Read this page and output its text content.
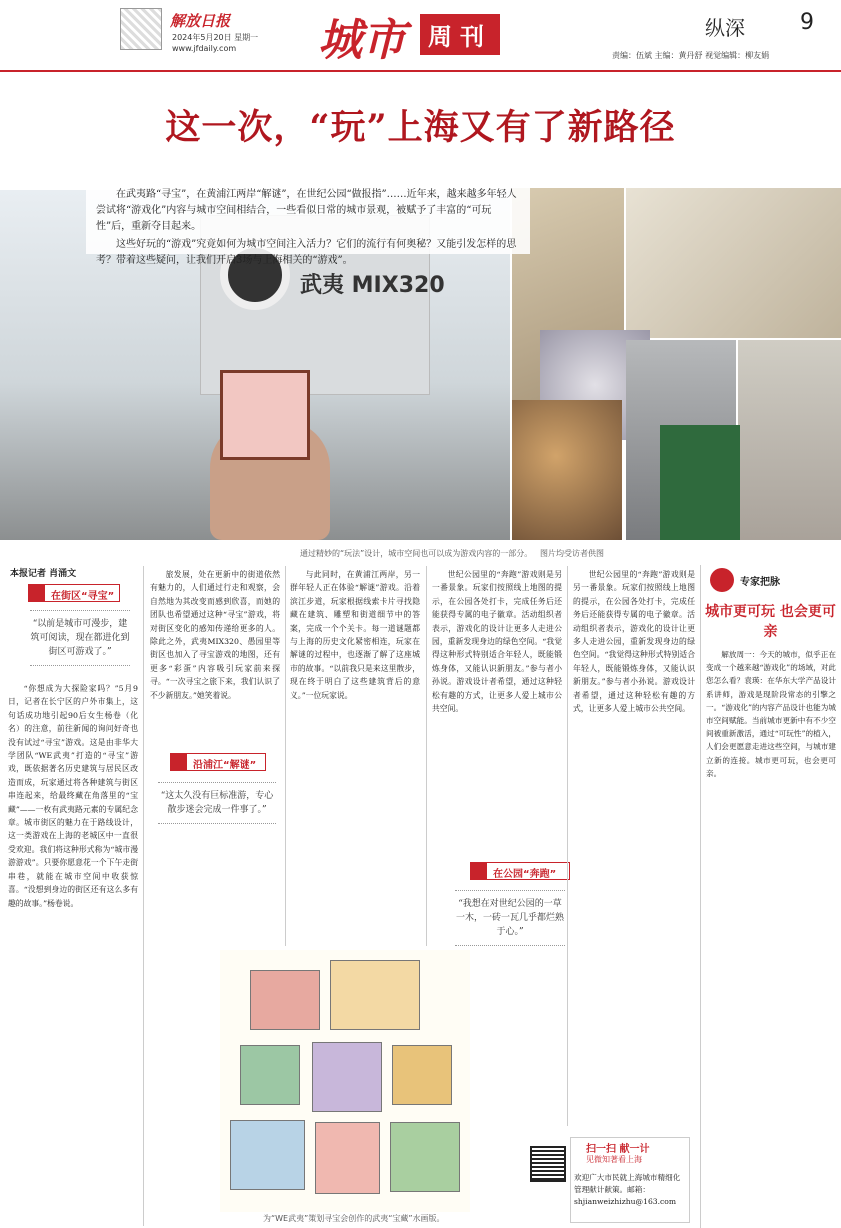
解放日报
2024年5月20日 星期一
www.jfdaily.com 城市 周刊	纵深	9
责编：伍斌 主编：黄丹舒 视觉编辑：柳友娟
这一次，“玩”上海又有了新路径
武夷 MIX320

在武夷路“寻宝”，在黄浦江两岸“解谜”，在世纪公园“做报指”……近年来，越来越多年轻人尝试将“游戏化”内容与城市空间相结合，一些看似日常的城市景观，被赋予了丰富的“可玩性”后，重新夺目起来。

这些好玩的“游戏”究竟如何为城市空间注入活力？它们的流行有何奥秘？又能引发怎样的思考？带着这些疑问，让我们开启3场与上海相关的“游戏”。

通过精妙的“玩法”设计，城市空间也可以成为游戏内容的一部分。 图片均受访者供图
本报记者 肖涌文
在街区“寻宝”
“以前是城市可漫步，建筑可阅读，现在都进化到街区可游戏了。”

“你想成为大探险家吗？”5月9日，记者在长宁区的户外市集上，这句话成功地引起90后女生杨卷（化名）的注意，前往新闻的询问好奇也没有试过“寻宝”游戏。这是由非华大学团队“WE武夷”打造的“寻宝”游戏，既依据著名历史建筑与居民区改造而成，玩家通过将各种建筑与街区串连起来，给最终藏在角落里的“宝藏”——一枚有武夷路元素的专属纪念章。城市街区的魅力在于路线设计，这一类游戏在上海的老城区中一直很受欢迎。我们将这种形式称为“城市漫游游戏”。只要你愿意花一个下午走街串巷，就能在城市空间中收获惊喜。“没想到身边的街区还有这么多有趣的故事。”杨卷说。

旅发展，处在更新中的街道依然有魅力的，人们通过行走和观察，会自然地为其改变而感到欣喜，而她的团队也希望通过这种“寻宝”游戏，将对街区变化的感知传递给更多的人。除此之外，武夷MIX320、愚园里等街区也加入了寻宝游戏的地图，还有更多“彩蛋”内容吸引玩家前来探寻。“一次寻宝之旅下来，我们认识了不少新朋友。”她笑着说。

沿浦江“解谜”
“这太久没有巨标准游，专心散步迷会完成一件事了。”

与此同时，在黄浦江两岸，另一群年轻人正在体验“解谜”游戏。沿着滨江步道，玩家根据线索卡片寻找隐藏在建筑、雕塑和街道细节中的答案，完成一个个关卡。每一道谜题都与上海的历史文化紧密相连，玩家在解谜的过程中，也逐渐了解了这座城市的故事。“以前我只是来这里散步，现在终于明白了这些建筑背后的意义。”一位玩家说。

世纪公园里的“奔跑”游戏则是另一番景象。玩家们按照线上地图的提示，在公园各处打卡，完成任务后还能获得专属的电子徽章。活动组织者表示，游戏化的设计让更多人走进公园，重新发现身边的绿色空间。“我觉得这种形式特别适合年轻人，既能锻炼身体，又能认识新朋友。”参与者小孙说。游戏设计者希望，通过这种轻松有趣的方式，让更多人爱上城市公共空间。

在公园“奔跑”
“我想在对世纪公园的一草一木，一砖一瓦几乎都烂熟于心。”

世纪公园里的“奔跑”游戏则是另一番景象。玩家们按照线上地图的提示，在公园各处打卡，完成任务后还能获得专属的电子徽章。活动组织者表示，游戏化的设计让更多人走进公园，重新发现身边的绿色空间。“我觉得这种形式特别适合年轻人，既能锻炼身体，又能认识新朋友。”参与者小孙说。游戏设计者希望，通过这种轻松有趣的方式，让更多人爱上城市公共空间。

专家把脉
城市更可玩 也会更可亲

解放周一：今天的城市，似乎正在变成一个越来越“游戏化”的场域，对此您怎么看？袁瑛：在华东大学产品设计系讲师，游戏是现阶段常态的引擎之一。“游戏化”的内容产品设计也能为城市空间赋能。当前城市更新中有不少空间被重新激活，通过“可玩性”的植入，人们会更愿意走进这些空间，与城市建立新的连接。城市更可玩，也会更可亲。

为“WE武夷”策划寻宝会创作的武夷“宝藏”水画版。
扫一扫 献一计
见微知著看上海
欢迎广大市民就上海城市精细化管理献计献策。邮箱：shjianweizhizhu@163.com
